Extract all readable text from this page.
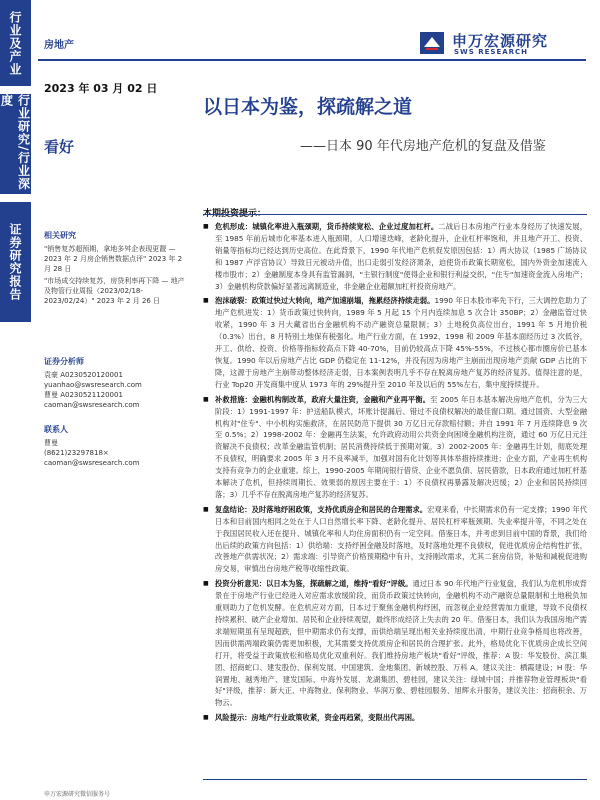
行业及产业
行业研究/行业深度
证券研究报告
房地产	申万宏源研究
SWS RESEARCH
2023 年 03 月 02 日
以日本为鉴，探疏解之道
——日本 90 年代房地产危机的复盘及借鉴
看好
相关研究
"销售复苏超预期，拿地多舛企表现更靓 — 2023 年 2 月房企销售数据点评" 2023 年 2 月 28 日
"市场成交持续复苏，房贷利率再下降 — 地产及物管行业周报（2023/02/18-2023/02/24）" 2023 年 2 月 26 日
证券分析师
袁豪 A0230520120001
yuanhao@swsresearch.com
曹曼 A0230521120001
caoman@swsresearch.com
联系人
曹曼
(8621)23297818×
caoman@swsresearch.com
本期投资提示：
■ 危机形成：城镇化率进入瓶颈期，货币持续宽松、企业过度加杠杆。二战后日本房地产行业本身经历了快速发展，至 1985 年前后城市化率基本进入瓶颈期，人口增速迭峰，老龄化提升，企业杠杆率饱和，并且地产开工、投资、销量等指标均已经达到历史高位。在此背景下，1990 年代地产危机促发原因包括：1）两大协议（1985 广场协议和 1987 卢浮宫协议）导致日元被动升值，出口走弱引发经济萧条，迫使货币政策长期宽松，国内外资金加速流入楼市股市；2）金融制度本身具有监管漏洞，"主银行制度"使得企业和银行利益交织，"住专"加速资金流入房地产；3）金融机构贷款偏好显著远离制造业，非金融企业超额加杠杆投资房地产。
■ 泡沫破裂：政策过快过大转向，地产加速崩塌，拖累经济持续走弱。1990 年日本股市率先下行，三大调控危助力了地产危机进发：1）货币政策过快转向，1989 年 5 月起 15 个月内连续加息 5 次合计 350BP；2）金融监管过快收紧，1990 年 3 月大藏省出台金融机构不动产融资总量限制；3）土地税负高位出台，1991 年 5 月地价税（0.3%）出台，8 月特别土地保有税强化。地产行业方面，在 1992、1998 和 2009 年基本面经历过 3 次低谷，开工、供给、投资、价格等指标较高点下降 40-70%，目前仍较高点下降 45%-55%，不过核心都市圈房价已基本恢复。1990 年以后房地产占比 GDP 仍稳定在 11-12%，并没有因为房地产主崩而出现房地产贡献 GDP 占比的下降，这源于房地产主崩带动整体经济走弱，日本案例表明几乎不存在脱离房地产复苏的经济复苏。值得注意的是，行业 Top20 开发商集中度从 1973 年的 29%提升至 2010 年及以后的 55%左右，集中度持续提升。
■ 补救措施：金融机构制改革，政府大量注资，金融和产业再平衡。至 2005 年日本基本解决房地产危机，分为三大阶段：1）1991-1997 年：护送船队模式，坏账计提漏后、错过不良债权解决的最佳窗口期。通过国资、大型金融机构对"住专"、中小机构实施救济，在居民防范下提供 30 万亿日元存款赔付额；并自 1991 年 7 月连续降息 9 次至 0.5%；2）1998-2002 年：金融再生法案，允许政府动用公共资金向困境金融机构注资，通过 60 万亿日元注资解决不良债权；改革金融监管机制；居民消费持续低于预期对策。3）2002-2005 年：金融再生计划，彻底处理不良债权，明确要求 2005 年 3 月不良率减半，加强对国有化计划等具体举措持续推进；企业方面，产业再生机构支持有竞争力的企业重建。综上，1990-2005 年期间银行借贷、企业不愿负债、居民借款，日本政府通过加杠杆基本解决了危机，但持续周期长、效果弱的原因主要在于：1）不良债权再暴露及解决迟缓；2）企业和居民持续回落；3）几乎不存在脱离房地产复苏的经济复苏。
■ 复盘结论：及时落地纾困政策，支持优质房企和居民的合理需求。宏观来看，中长期需求仍有一定支撑；1990 年代日本和目前国内相同之处在于人口自然增长率下降、老龄化提升、居民杠杆率瓶颈期、失业率提升等，不同之处在于我国居民收入还在提升、城镇化率和人均住房面积仍有一定空间。借鉴日本，并考虑到目前中国的背景，我们给出后续的政策方向包括：1）供给端：支持纾困金融及时落地，及时落地处理不良债权，促进优质房企结构性扩张，改善地产供需状况；2）需求端：引导资产价格预期稳中有升，支持刚改需求，尤其二套房信贷，补贴和减税促进购房交易，审慎出台房地产税等收缩性政策。
■ 投资分析意见：以日本为鉴，探疏解之道，维持"看好"评级。通过日本 90 年代地产行业复盘，我们认为危机形成背景在于房地产行业已经进入对应需求放缓阶段，而货币政策过快转向，金融机构不动产融资总量限制和土地税负加重则助力了危机发酵。在危机应对方面，日本过于聚焦金融机构纾困，而忽视企业经营需加力重建，导致不良债权持续累积、破产企业增加、居民和企业持续观望，最终形成经济上失去的 20 年。借鉴日本，我们认为我国房地产需求端短期虽有呈现超跌，但中期需求仍有支撑，而供给端呈现出相关业持续度出清，中期行业竞争格局也将改善，因而供需两端政策仍需更加积极，尤其需要支持优质房企和居民的合理扩张。此外，格局优化下优质房企成长空间打开，将受益于政策放松和格局优化双重利好。我们维持房地产板块"看好"评级，推荐：A 股：华发股份、滨江集团、招商蛇口、建发股份、保利发展、中国建筑、金地集团、新城控股、万科 A。建议关注：栖霞建设；H 股：华润置地、越秀地产、建发国际、中海外发展、龙湖集团、碧桂园，建议关注：绿城中国；并推荐物业管理板块"看好"评级，推荐：新大正、中海物业、保利物业、华润万象、碧桂园服务、旭辉永升服务，建议关注：招商积余、万物云。
■ 风险提示：房地产行业政策收紧，资金再趋紧，变限出代再困。
申万宏源研究微信服务号
